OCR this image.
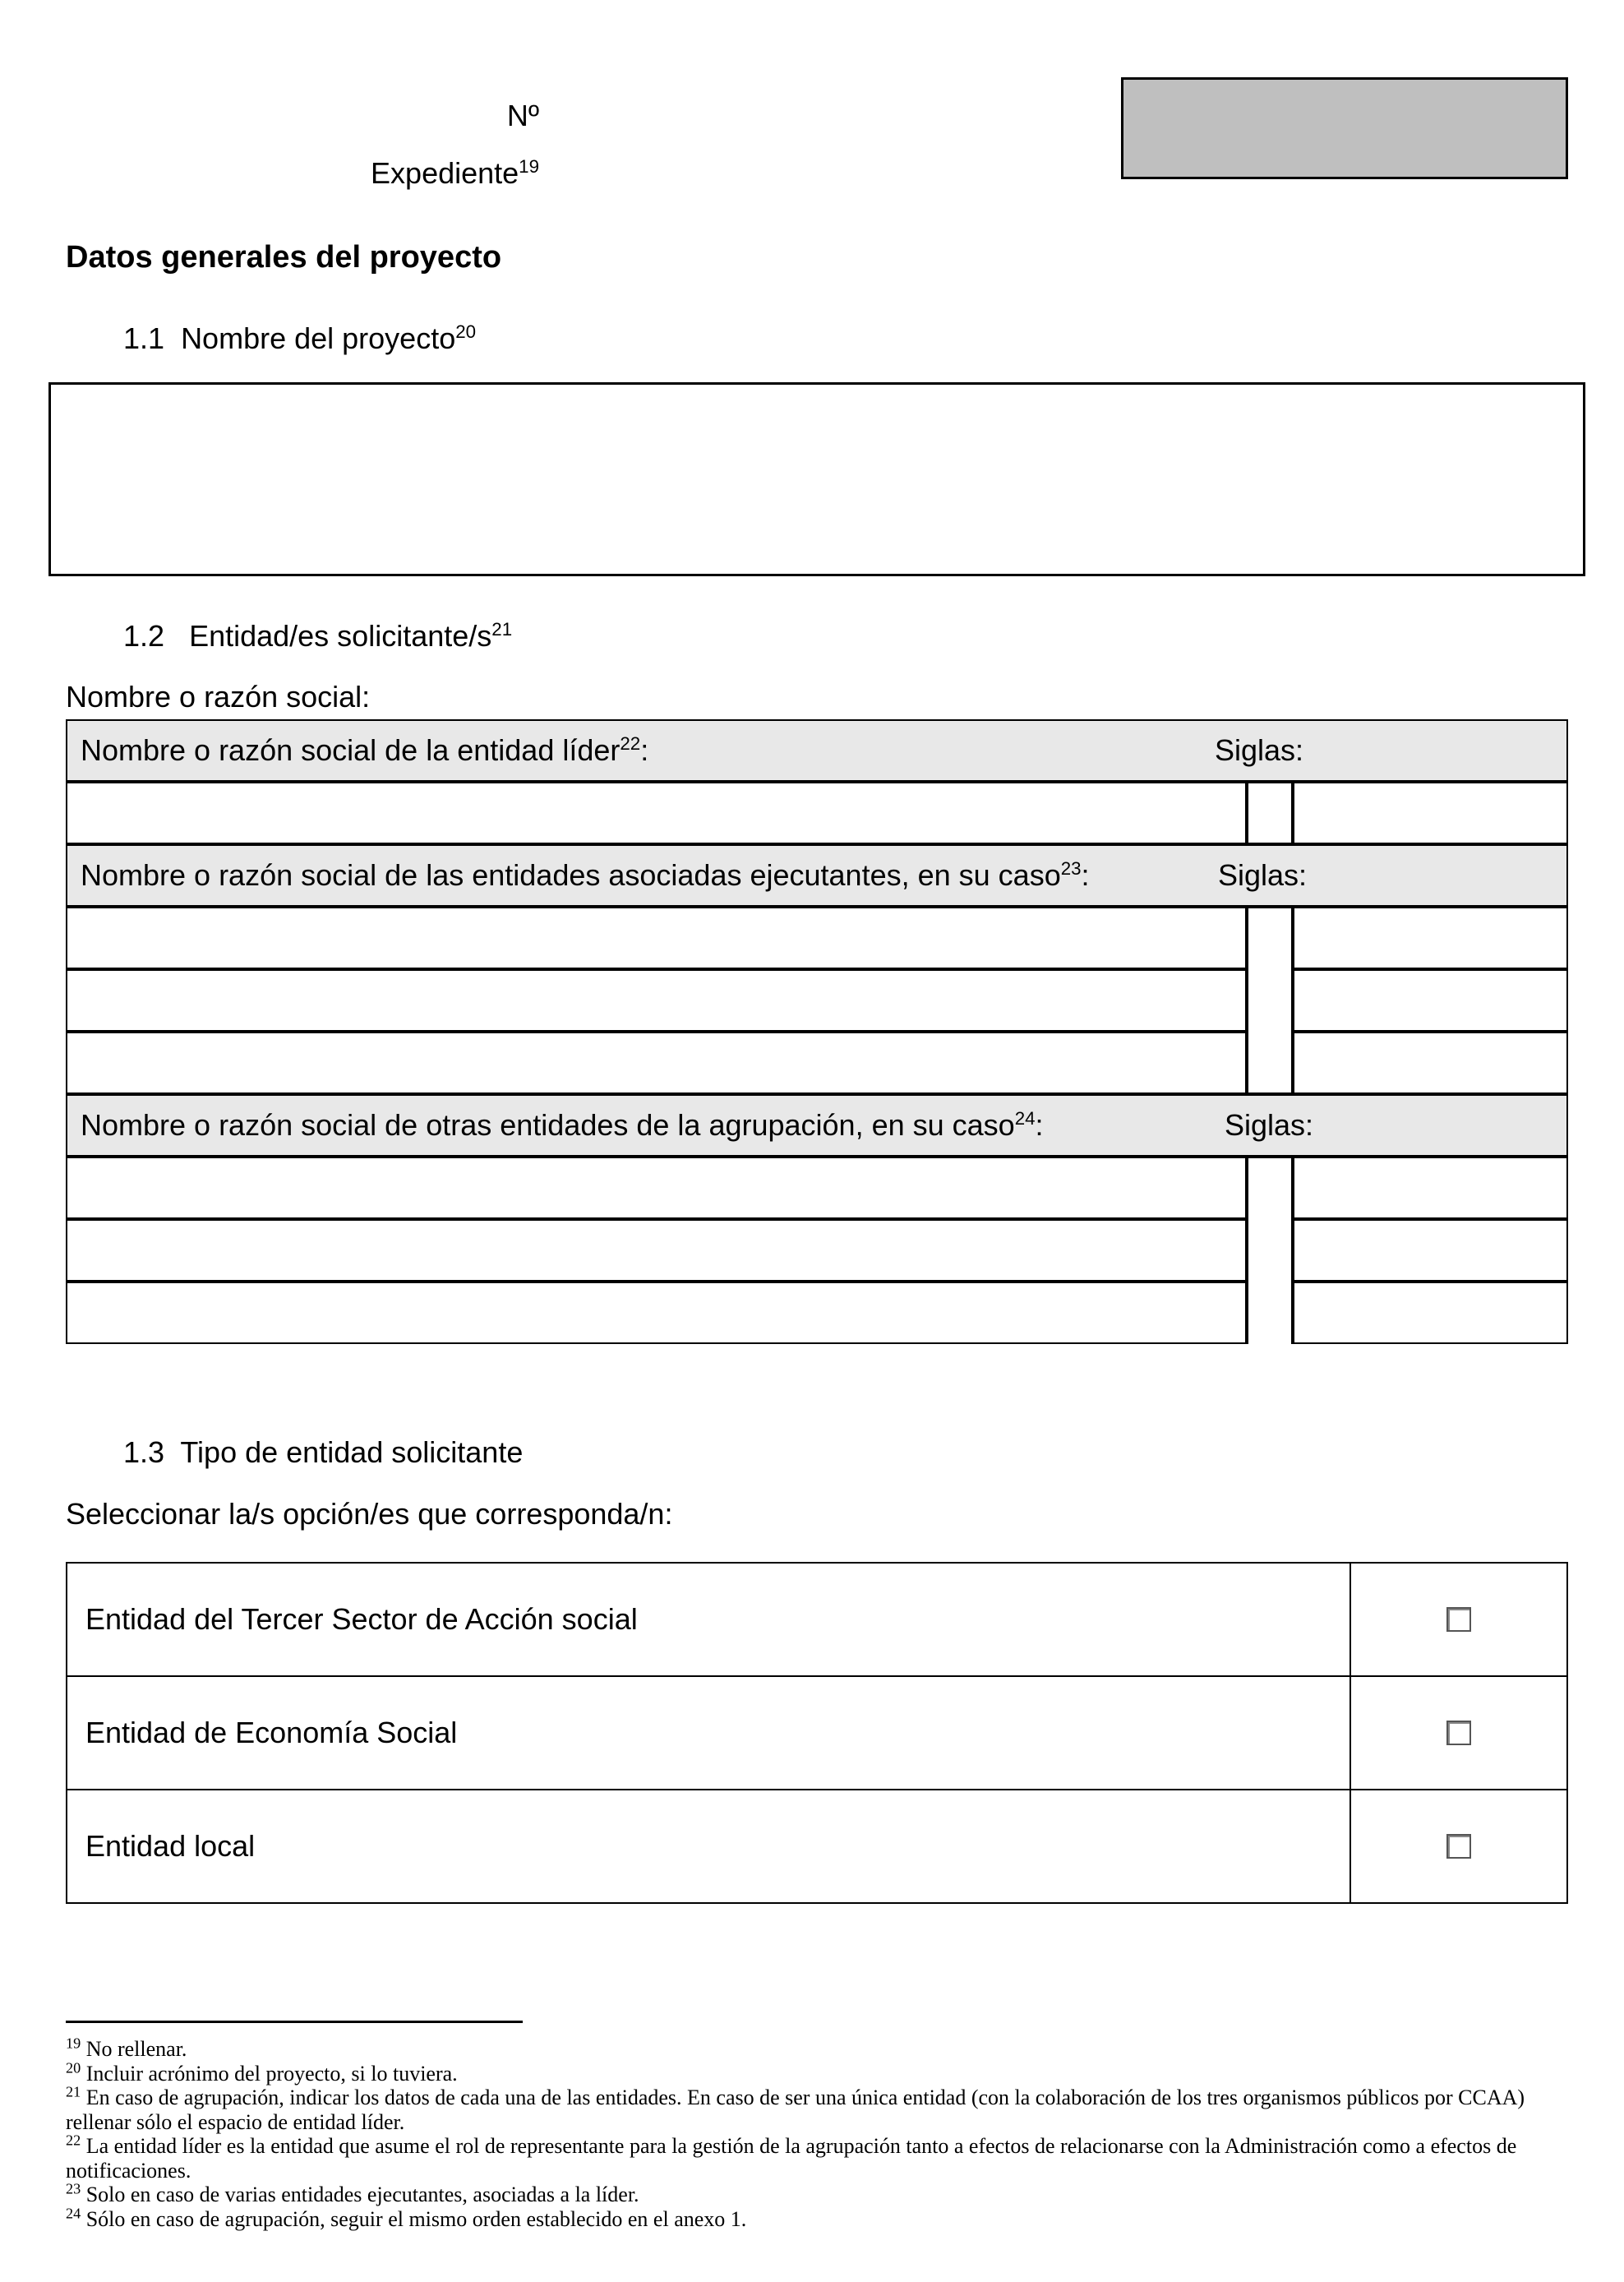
Nº
Expediente$^{19}$
Datos generales del proyecto
1.1 Nombre del proyecto$^{20}$
1.2 Entidad/es solicitante/$s^{21}$
Nombre o razón social:
Nombre o razón social de la entidad líder$^{22}$:	Siglas:
Nombre o razón social de las entidades asociadas ejecutantes, en su caso$^{23}$:	Siglas:
Nombre o razón social de otras entidades de la agrupación, en su caso$^{24}$:	Siglas:
1.3 Tipo de entidad solicitante
Seleccionar la/s opción/es que corresponda/n:
Entidad del Tercer Sector de Acción social	
Entidad de Economía Social	
Entidad local	
$^{19}$ No rellenar.
$^{20}$ Incluir acrónimo del proyecto, si lo tuviera.
$^{21}$ En caso de agrupación, indicar los datos de cada una de las entidades. En caso de ser una única entidad (con la colaboración de los tres organismos públicos por CCAA) rellenar sólo el espacio de entidad líder.
$^{22}$ La entidad líder es la entidad que asume el rol de representante para la gestión de la agrupación tanto a efectos de relacionarse con la Administración como a efectos de notificaciones.
$^{23}$ Solo en caso de varias entidades ejecutantes, asociadas a la líder.
$^{24}$ Sólo en caso de agrupación, seguir el mismo orden establecido en el anexo 1.
